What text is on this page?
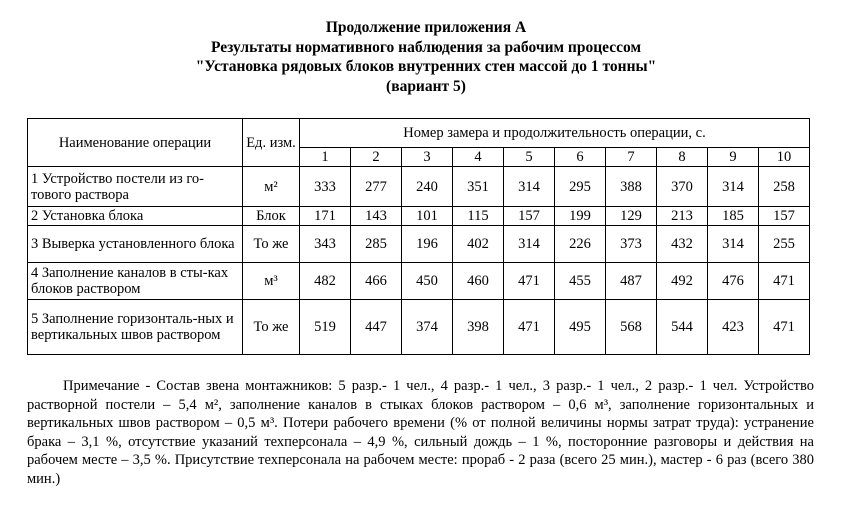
Продолжение приложения А
Результаты нормативного наблюдения за рабочим процессом
"Установка рядовых блоков внутренних стен массой до 1 тонны"
(вариант 5)
Наименование операции	Ед. изм.	Номер замера и продолжительность операции, с.									
		1	2	3	4	5	6	7	8	9	10
1 Устройство постели из го-тового раствора	м²	333	277	240	351	314	295	388	370	314	258
2 Установка блока	Блок	171	143	101	115	157	199	129	213	185	157
3 Выверка установленного блока	То же	343	285	196	402	314	226	373	432	314	255
4 Заполнение каналов в сты-ках блоков раствором	м³	482	466	450	460	471	455	487	492	476	471
5 Заполнение горизонталь-ных и вертикальных швов раствором	То же	519	447	374	398	471	495	568	544	423	471

Примечание - Состав звена монтажников: 5 разр.- 1 чел., 4 разр.- 1 чел., 3 разр.- 1 чел., 2 разр.- 1 чел. Устройство растворной постели – 5,4 м², заполнение каналов в стыках блоков раствором – 0,6 м³, заполнение горизонтальных и вертикальных швов раствором – 0,5 м³. Потери рабочего времени (% от полной величины нормы затрат труда): устранение брака – 3,1 %, отсутствие указаний техперсонала – 4,9 %, сильный дождь – 1 %, посторонние разговоры и действия на рабочем месте – 3,5 %. Присутствие техперсонала на рабочем месте: прораб - 2 раза (всего 25 мин.), мастер - 6 раз (всего 380 мин.)
